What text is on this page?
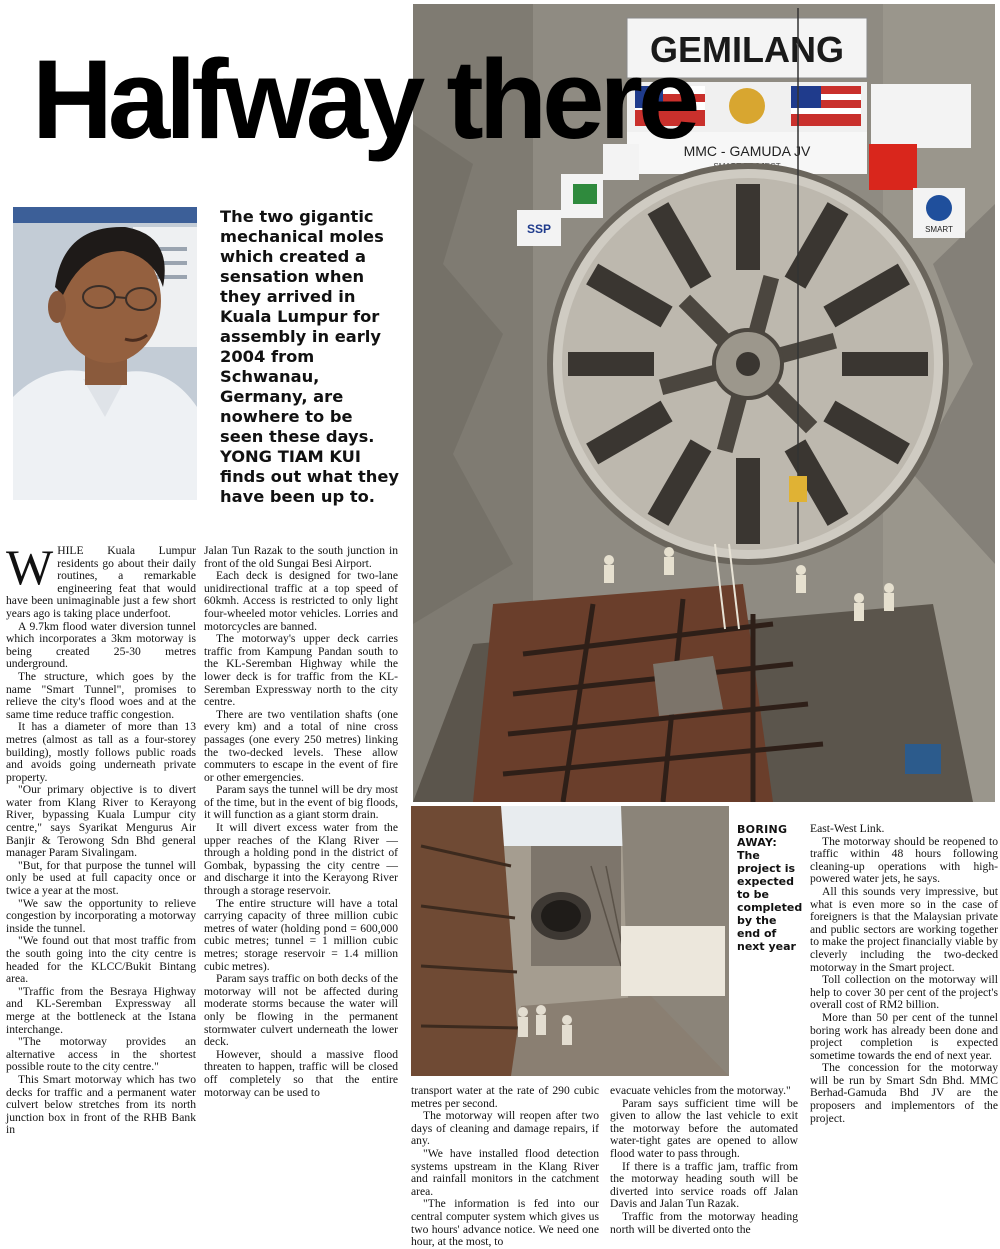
GEMILANG
MMC - GAMUDA JV
SSP	SMART
Halfway there

The two gigantic mechanical moles which created a sensation when they arrived in Kuala Lumpur for assembly in early 2004 from Schwanau, Germany, are nowhere to be seen these days. YONG TIAM KUI finds out what they have been up to.

WHILE Kuala Lumpur residents go about their daily routines, a remarkable engineering feat that would have been unimaginable just a few short years ago is taking place underfoot.

A 9.7km flood water diversion tunnel which incorporates a 3km motorway is being created 25-30 metres underground.

The structure, which goes by the name "Smart Tunnel", promises to relieve the city's flood woes and at the same time reduce traffic congestion.

It has a diameter of more than 13 metres (almost as tall as a four-storey building), mostly follows public roads and avoids going underneath private property.

"Our primary objective is to divert water from Klang River to Kerayong River, bypassing Kuala Lumpur city centre," says Syarikat Mengurus Air Banjir & Terowong Sdn Bhd general manager Param Sivalingam.

"But, for that purpose the tunnel will only be used at full capacity once or twice a year at the most.

"We saw the opportunity to relieve congestion by incorporating a motorway inside the tunnel.

"We found out that most traffic from the south going into the city centre is headed for the KLCC/Bukit Bintang area.

"Traffic from the Besraya Highway and KL-Seremban Expressway all merge at the bottleneck at the Istana interchange.

"The motorway provides an alternative access in the shortest possible route to the city centre."

This Smart motorway which has two decks for traffic and a permanent water culvert below stretches from its north junction box in front of the RHB Bank in

Jalan Tun Razak to the south junction in front of the old Sungai Besi Airport.

Each deck is designed for two-lane unidirectional traffic at a top speed of 60kmh. Access is restricted to only light four-wheeled motor vehicles. Lorries and motorcycles are banned.

The motorway's upper deck carries traffic from Kampung Pandan south to the KL-Seremban Highway while the lower deck is for traffic from the KL-Seremban Expressway north to the city centre.

There are two ventilation shafts (one every km) and a total of nine cross passages (one every 250 metres) linking the two-decked levels. These allow commuters to escape in the event of fire or other emergencies.

Param says the tunnel will be dry most of the time, but in the event of big floods, it will function as a giant storm drain.

It will divert excess water from the upper reaches of the Klang River — through a holding pond in the district of Gombak, bypassing the city centre — and discharge it into the Kerayong River through a storage reservoir.

The entire structure will have a total carrying capacity of three million cubic metres of water (holding pond = 600,000 cubic metres; tunnel = 1 million cubic metres; storage reservoir = 1.4 million cubic metres).

Param says traffic on both decks of the motorway will not be affected during moderate storms because the water will only be flowing in the permanent stormwater culvert underneath the lower deck.

However, should a massive flood threaten to happen, traffic will be closed off completely so that the entire motorway can be used to

BORING AWAY:
The project is expected to be completed by the end of next year

transport water at the rate of 290 cubic metres per second.

The motorway will reopen after two days of cleaning and damage repairs, if any.

"We have installed flood detection systems upstream in the Klang River and rainfall monitors in the catchment area.

"The information is fed into our central computer system which gives us two hours' advance notice. We need one hour, at the most, to

evacuate vehicles from the motorway."

Param says sufficient time will be given to allow the last vehicle to exit the motorway before the automated water-tight gates are opened to allow flood water to pass through.

If there is a traffic jam, traffic from the motorway heading south will be diverted into service roads off Jalan Davis and Jalan Tun Razak.

Traffic from the motorway heading north will be diverted onto the

East-West Link.

The motorway should be reopened to traffic within 48 hours following cleaning-up operations with high-powered water jets, he says.

All this sounds very impressive, but what is even more so in the case of foreigners is that the Malaysian private and public sectors are working together to make the project financially viable by cleverly including the two-decked motorway in the Smart project.

Toll collection on the motorway will help to cover 30 per cent of the project's overall cost of RM2 billion.

More than 50 per cent of the tunnel boring work has already been done and project completion is expected sometime towards the end of next year.

The concession for the motorway will be run by Smart Sdn Bhd. MMC Berhad-Gamuda Bhd JV are the proposers and implementors of the project.
